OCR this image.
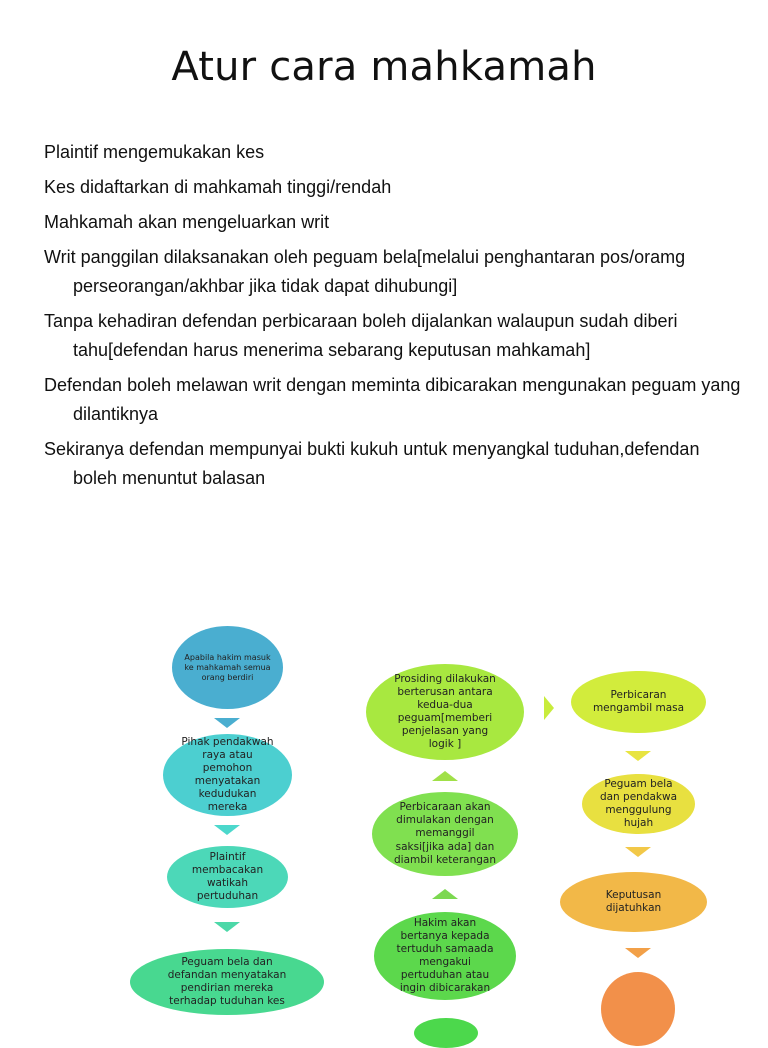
Atur cara mahkamah
Plaintif mengemukakan kes
Kes didaftarkan di mahkamah tinggi/rendah
Mahkamah akan mengeluarkan writ
Writ panggilan dilaksanakan oleh peguam bela[melalui penghantaran pos/oramg perseorangan/akhbar jika tidak dapat dihubungi]
Tanpa kehadiran defendan perbicaraan boleh dijalankan walaupun sudah diberi tahu[defendan harus menerima sebarang keputusan mahkamah]
Defendan boleh melawan writ dengan meminta dibicarakan mengunakan peguam yang dilantiknya
Sekiranya defendan mempunyai bukti kukuh untuk menyangkal tuduhan,defendan boleh menuntut balasan
Apabila hakim masuk ke mahkamah semua orang berdiri
Pihak pendakwah raya atau pemohon menyatakan kedudukan mereka
Plaintif membacakan watikah pertuduhan
Peguam bela dan defandan menyatakan pendirian mereka terhadap tuduhan kes
Prosiding dilakukan berterusan antara kedua-dua peguam[memberi penjelasan yang logik ]
Perbicaraan akan dimulakan dengan memanggil saksi[jika ada] dan diambil keterangan
Hakim akan bertanya kepada tertuduh samaada mengakui pertuduhan atau ingin dibicarakan
Perbicaran mengambil masa
Peguam bela dan pendakwa menggulung hujah
Keputusan dijatuhkan
